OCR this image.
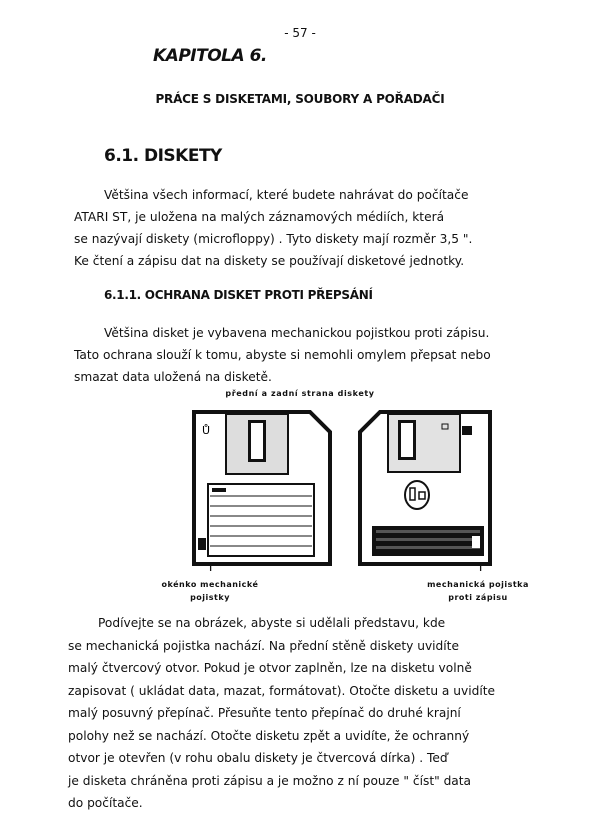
- 57 -
KAPITOLA 6.
PRÁCE S DISKETAMI, SOUBORY A POŘADAČI
6.1. DISKETY

Většina všech informací, které budete nahrávat do počítače

ATARI ST, je uložena na malých záznamových médiích, která

se nazývají diskety (microfloppy) . Tyto diskety mají rozměr 3,5 ".

Ke čtení a zápisu dat na diskety se používají disketové jednotky.

6.1.1. OCHRANA DISKET PROTI PŘEPSÁNÍ

Většina disket je vybavena mechanickou pojistkou proti zápisu.

Tato ochrana slouží k tomu, abyste si nemohli omylem přepsat nebo

smazat data uložená na disketě.

přední a zadní strana diskety
Ů
↑	↑
okénko mechanické
pojistky
mechanická pojistka
proti zápisu

Podívejte se na obrázek, abyste si udělali představu, kde

se mechanická pojistka nachází. Na přední stěně diskety uvidíte

malý čtvercový otvor. Pokud je otvor zaplněn, lze na disketu volně

zapisovat ( ukládat data, mazat, formátovat). Otočte disketu a uvidíte

malý posuvný přepínač. Přesuňte tento přepínač do druhé krajní

polohy než se nachází. Otočte disketu zpět a uvidíte, že ochranný

otvor je otevřen (v rohu obalu diskety je čtvercová dírka) . Teď

je disketa chráněna proti zápisu a je možno z ní pouze " číst" data

do počítače.
